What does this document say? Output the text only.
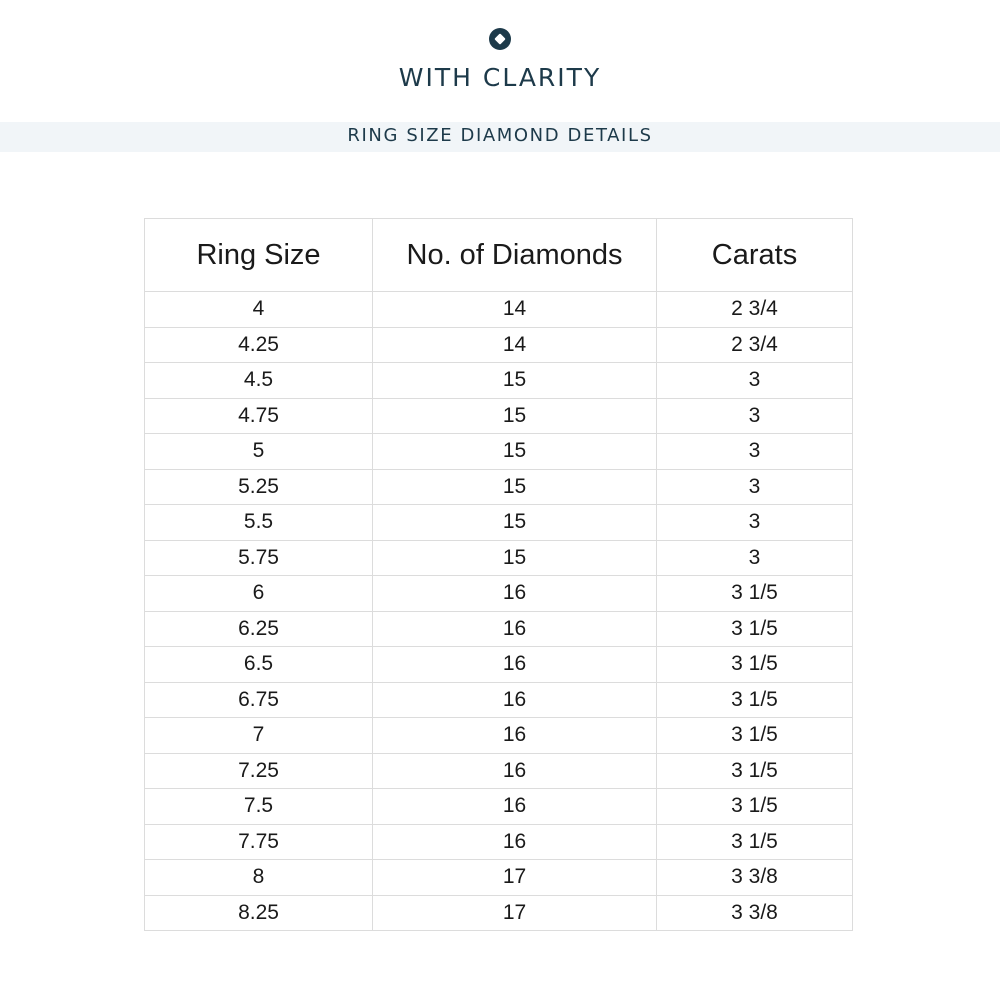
WITH CLARITY
RING SIZE DIAMOND DETAILS
Ring Size	No. of Diamonds	Carats
4	14	2 3/4
4.25	14	2 3/4
4.5	15	3
4.75	15	3
5	15	3
5.25	15	3
5.5	15	3
5.75	15	3
6	16	3 1/5
6.25	16	3 1/5
6.5	16	3 1/5
6.75	16	3 1/5
7	16	3 1/5
7.25	16	3 1/5
7.5	16	3 1/5
7.75	16	3 1/5
8	17	3 3/8
8.25	17	3 3/8
